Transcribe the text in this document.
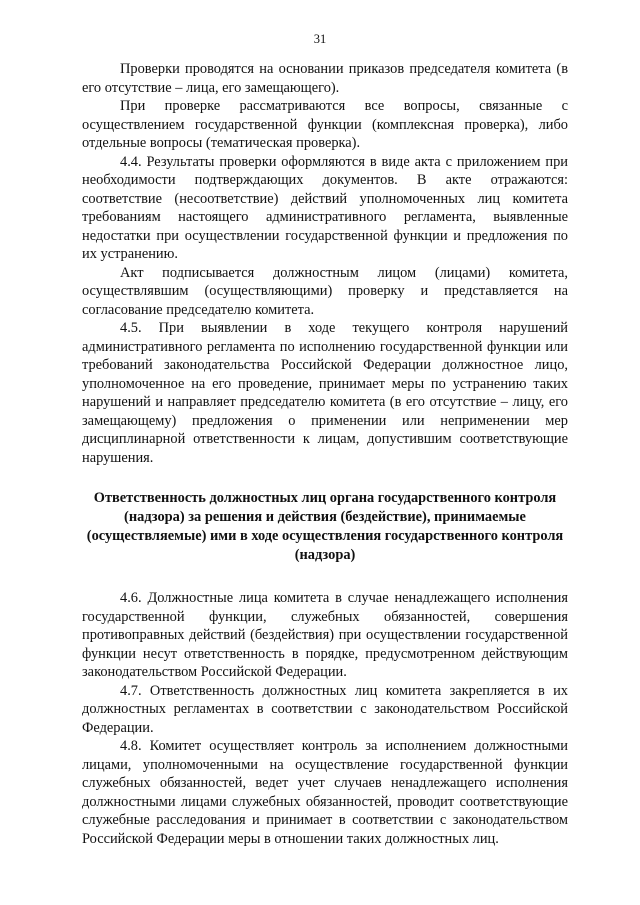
31

Проверки проводятся на основании приказов председателя комитета (в его отсутствие – лица, его замещающего).

При проверке рассматриваются все вопросы, связанные с осуществлением государственной функции (комплексная проверка), либо отдельные вопросы (тематическая проверка).

4.4. Результаты проверки оформляются в виде акта с приложением при необходимости подтверждающих документов. В акте отражаются: соответствие (несоответствие) действий уполномоченных лиц комитета требованиям настоящего административного регламента, выявленные недостатки при осуществлении государственной функции и предложения по их устранению.

Акт подписывается должностным лицом (лицами) комитета, осуществлявшим (осуществляющими) проверку и представляется на согласование председателю комитета.

4.5. При выявлении в ходе текущего контроля нарушений административного регламента по исполнению государственной функции или требований законодательства Российской Федерации должностное лицо, уполномоченное на его проведение, принимает меры по устранению таких нарушений и направляет председателю комитета (в его отсутствие – лицу, его замещающему) предложения о применении или неприменении мер дисциплинарной ответственности к лицам, допустившим соответствующие нарушения.

Ответственность должностных лиц органа государственного контроля (надзора) за решения и действия (бездействие), принимаемые (осуществляемые) ими в ходе осуществления государственного контроля (надзора)

4.6. Должностные лица комитета в случае ненадлежащего исполнения государственной функции, служебных обязанностей, совершения противоправных действий (бездействия) при осуществлении государственной функции несут ответственность в порядке, предусмотренном действующим законодательством Российской Федерации.

4.7. Ответственность должностных лиц комитета закрепляется в их должностных регламентах в соответствии с законодательством Российской Федерации.

4.8. Комитет осуществляет контроль за исполнением должностными лицами, уполномоченными на осуществление государственной функции служебных обязанностей, ведет учет случаев ненадлежащего исполнения должностными лицами служебных обязанностей, проводит соответствующие служебные расследования и принимает в соответствии с законодательством Российской Федерации меры в отношении таких должностных лиц.
